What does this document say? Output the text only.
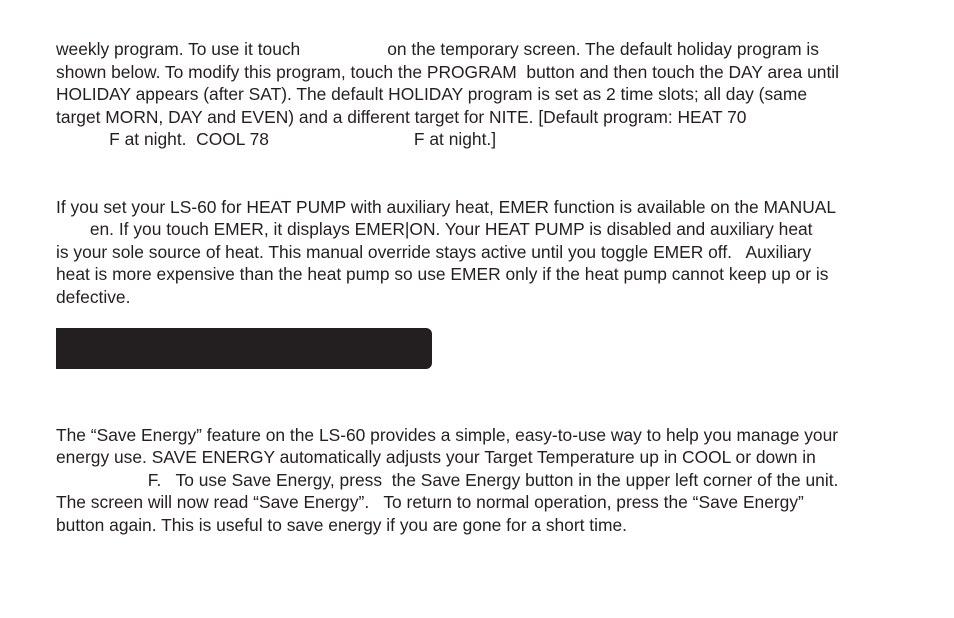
weekly program. To use it touch                  on the temporary screen. The default holiday program is

shown below. To modify this program, touch the PROGRAM  button and then touch the DAY area until

HOLIDAY appears (after SAT). The default HOLIDAY program is set as 2 time slots; all day (same

target MORN, DAY and EVEN) and a different target for NITE. [Default program: HEAT 70

F at night.  COOL 78                              F at night.]

If you set your LS-60 for HEAT PUMP with auxiliary heat, EMER function is available on the MANUAL

en. If you touch EMER, it displays EMER|ON. Your HEAT PUMP is disabled and auxiliary heat

is your sole source of heat. This manual override stays active until you toggle EMER off.   Auxiliary

heat is more expensive than the heat pump so use EMER only if the heat pump cannot keep up or is

defective.

The “Save Energy” feature on the LS-60 provides a simple, easy-to-use way to help you manage your

energy use. SAVE ENERGY automatically adjusts your Target Temperature up in COOL or down in

F.   To use Save Energy, press  the Save Energy button in the upper left corner of the unit.

The screen will now read “Save Energy”.   To return to normal operation, press the “Save Energy”

button again. This is useful to save energy if you are gone for a short time.
